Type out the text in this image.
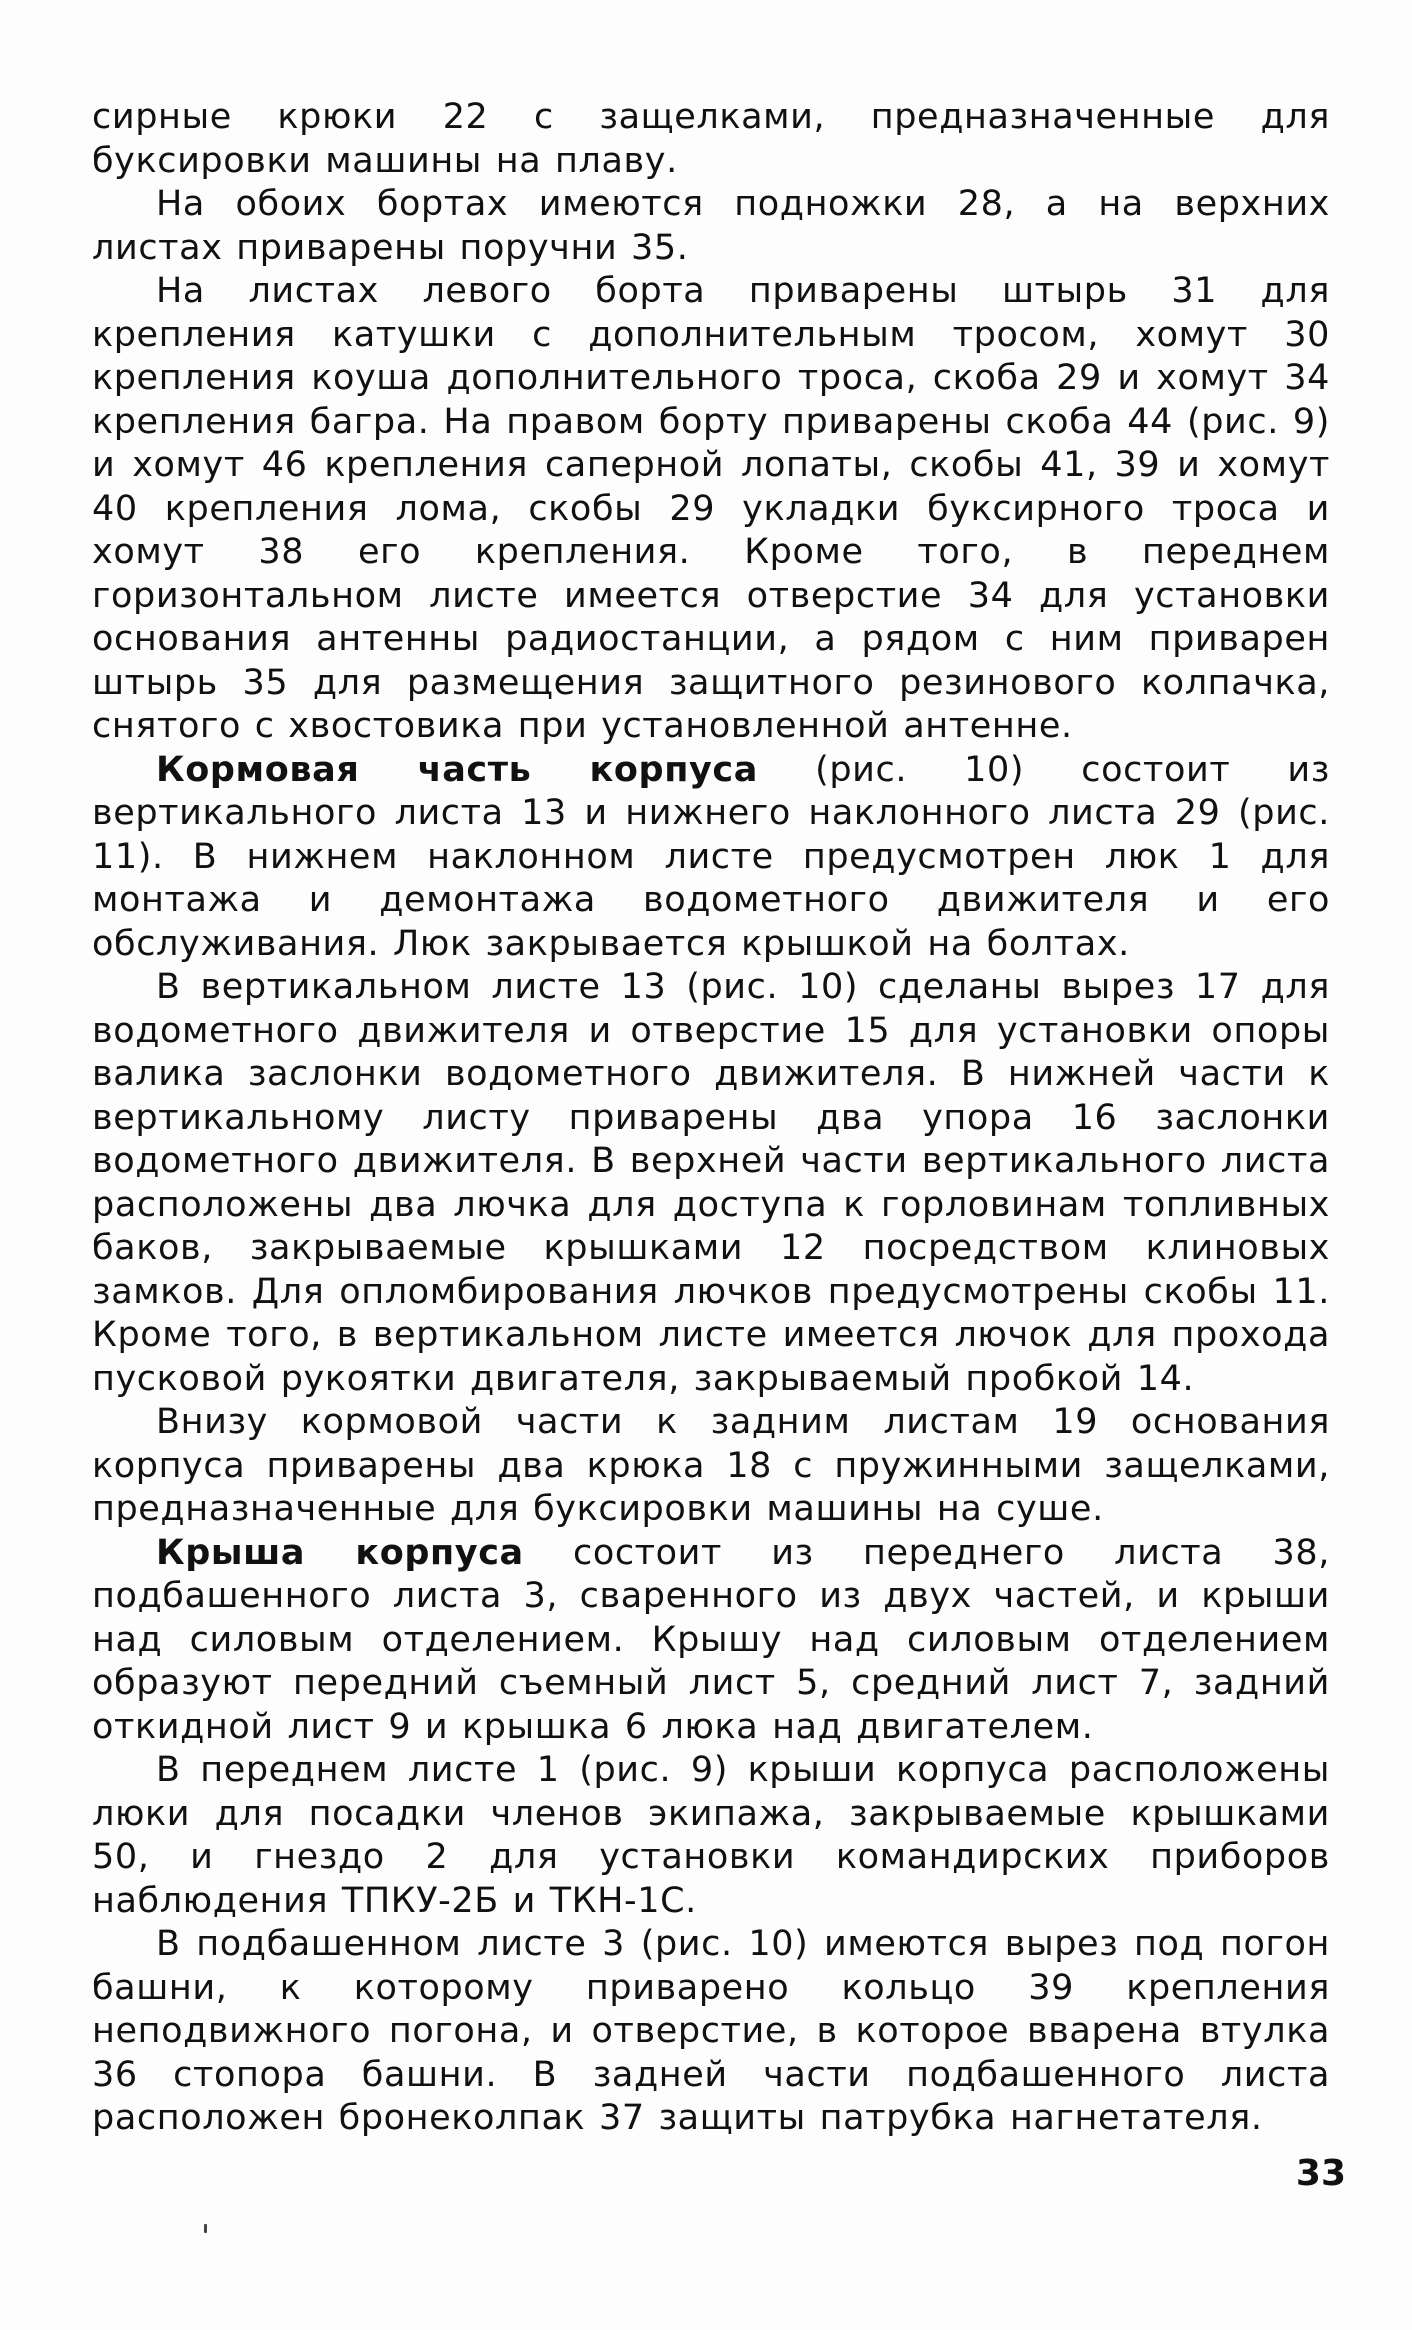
сирные крюки 22 с защелками, предназначенные для буксировки машины на плаву.

На обоих бортах имеются подножки 28, а на верхних листах приварены поручни 35.

На листах левого борта приварены штырь 31 для крепления катушки с дополнительным тросом, хомут 30 крепления коуша дополнительного троса, скоба 29 и хомут 34 крепления багра. На правом борту приварены скоба 44 (рис. 9) и хомут 46 крепления саперной лопаты, скобы 41, 39 и хомут 40 крепления лома, скобы 29 укладки буксирного троса и хомут 38 его крепления. Кроме того, в переднем горизонтальном листе имеется отверстие 34 для установки основания антенны радиостанции, а рядом с ним приварен штырь 35 для размещения защитного резинового колпачка, снятого с хвостовика при установленной антенне.

Кормовая часть корпуса (рис. 10) состоит из вертикального листа 13 и нижнего наклонного листа 29 (рис. 11). В нижнем наклонном листе предусмотрен люк 1 для монтажа и демонтажа водометного движителя и его обслуживания. Люк закрывается крышкой на болтах.

В вертикальном листе 13 (рис. 10) сделаны вырез 17 для водометного движителя и отверстие 15 для установки опоры валика заслонки водометного движителя. В нижней части к вертикальному листу приварены два упора 16 заслонки водометного движителя. В верхней части вертикального листа расположены два лючка для доступа к горловинам топливных баков, закрываемые крышками 12 посредством клиновых замков. Для опломбирования лючков предусмотрены скобы 11. Кроме того, в вертикальном листе имеется лючок для прохода пусковой рукоятки двигателя, закрываемый пробкой 14.

Внизу кормовой части к задним листам 19 основания корпуса приварены два крюка 18 с пружинными защелками, предназначенные для буксировки машины на суше.

Крыша корпуса состоит из переднего листа 38, подбашенного листа 3, сваренного из двух частей, и крыши над силовым отделением. Крышу над силовым отделением образуют передний съемный лист 5, средний лист 7, задний откидной лист 9 и крышка 6 люка над двигателем.

В переднем листе 1 (рис. 9) крыши корпуса расположены люки для посадки членов экипажа, закрываемые крышками 50, и гнездо 2 для установки командирских приборов наблюдения ТПКУ-2Б и ТКН-1С.

В подбашенном листе 3 (рис. 10) имеются вырез под погон башни, к которому приварено кольцо 39 крепления неподвижного погона, и отверстие, в которое вварена втулка 36 стопора башни. В задней части подбашенного листа расположен бронеколпак 37 защиты патрубка нагнетателя.

33
